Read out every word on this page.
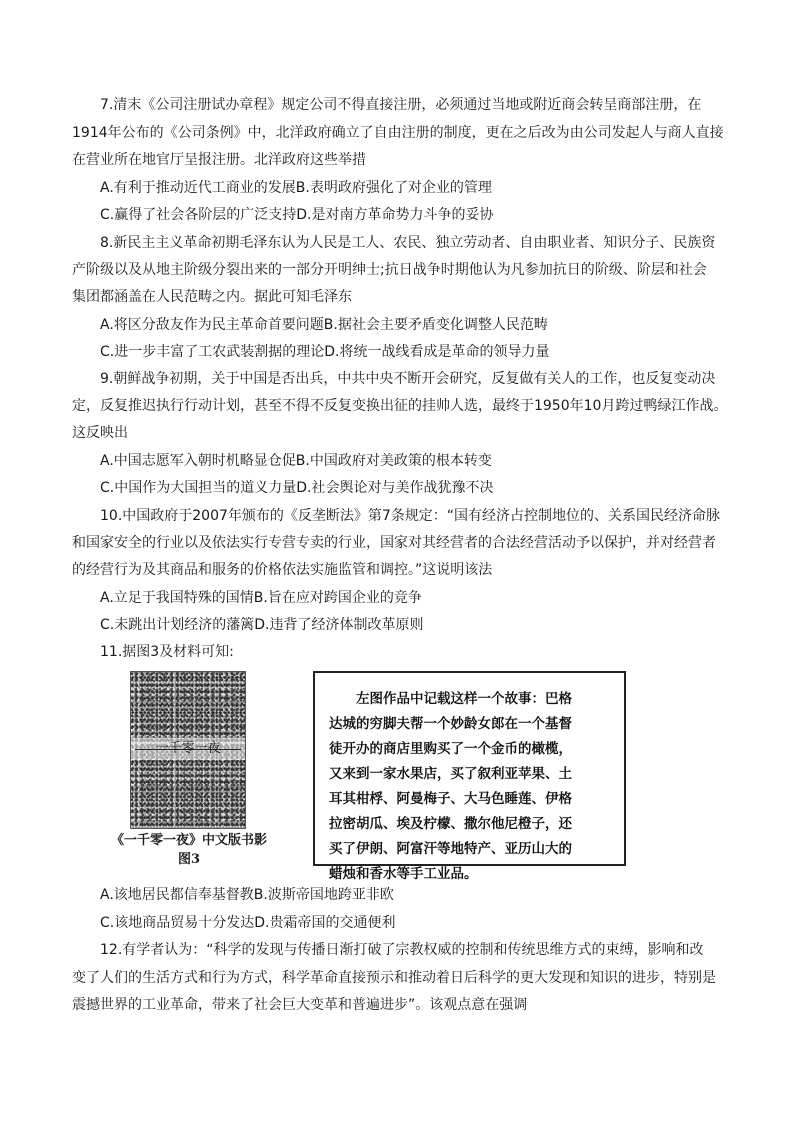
7.清末《公司注册试办章程》规定公司不得直接注册，必须通过当地或附近商会转呈商部注册，在
1914年公布的《公司条例》中，北洋政府确立了自由注册的制度，更在之后改为由公司发起人与商人直接
在营业所在地官厅呈报注册。北洋政府这些举措
A.有利于推动近代工商业的发展B.表明政府强化了对企业的管理
C.赢得了社会各阶层的广泛支持D.是对南方革命势力斗争的妥协
8.新民主主义革命初期毛泽东认为人民是工人、农民、独立劳动者、自由职业者、知识分子、民族资
产阶级以及从地主阶级分裂出来的一部分开明绅士;抗日战争时期他认为凡参加抗日的阶级、阶层和社会
集团都涵盖在人民范畴之内。据此可知毛泽东
A.将区分敌友作为民主革命首要问题B.据社会主要矛盾变化调整人民范畴
C.进一步丰富了工农武装割据的理论D.将统一战线看成是革命的领导力量
9.朝鲜战争初期，关于中国是否出兵，中共中央不断开会研究，反复做有关人的工作，也反复变动决
定，反复推迟执行行动计划，甚至不得不反复变换出征的挂帅人选，最终于1950年10月跨过鸭绿江作战。
这反映出
A.中国志愿军入朝时机略显仓促B.中国政府对美政策的根本转变
C.中国作为大国担当的道义力量D.社会舆论对与美作战犹豫不决
10.中国政府于2007年颁布的《反垄断法》第7条规定：“国有经济占控制地位的、关系国民经济命脉
和国家安全的行业以及依法实行专营专卖的行业，国家对其经营者的合法经营活动予以保护，并对经营者
的经营行为及其商品和服务的价格依法实施监管和调控。”这说明该法
A.立足于我国特殊的国情B.旨在应对跨国企业的竞争
C.未跳出计划经济的藩篱D.违背了经济体制改革原则
11.据图3及材料可知:
一千零一夜
《一千零一夜》中文版书影
图3
　　左图作品中记载这样一个故事：巴格
达城的穷脚夫帮一个妙龄女郎在一个基督
徒开办的商店里购买了一个金币的橄榄，
又来到一家水果店，买了叙利亚苹果、土
耳其柑桴、阿曼梅子、大马色睡莲、伊格
拉密胡瓜、埃及柠檬、撒尔他尼橙子，还
买了伊朗、阿富汗等地特产、亚历山大的
蜡烛和香水等手工业品。
A.该地居民都信奉基督教B.波斯帝国地跨亚非欧
C.该地商品贸易十分发达D.贵霜帝国的交通便利
12.有学者认为：“科学的发现与传播日渐打破了宗教权威的控制和传统思维方式的束缚，影响和改
变了人们的生活方式和行为方式，科学革命直接预示和推动着日后科学的更大发现和知识的进步，特别是
震撼世界的工业革命，带来了社会巨大变革和普遍进步”。该观点意在强调
